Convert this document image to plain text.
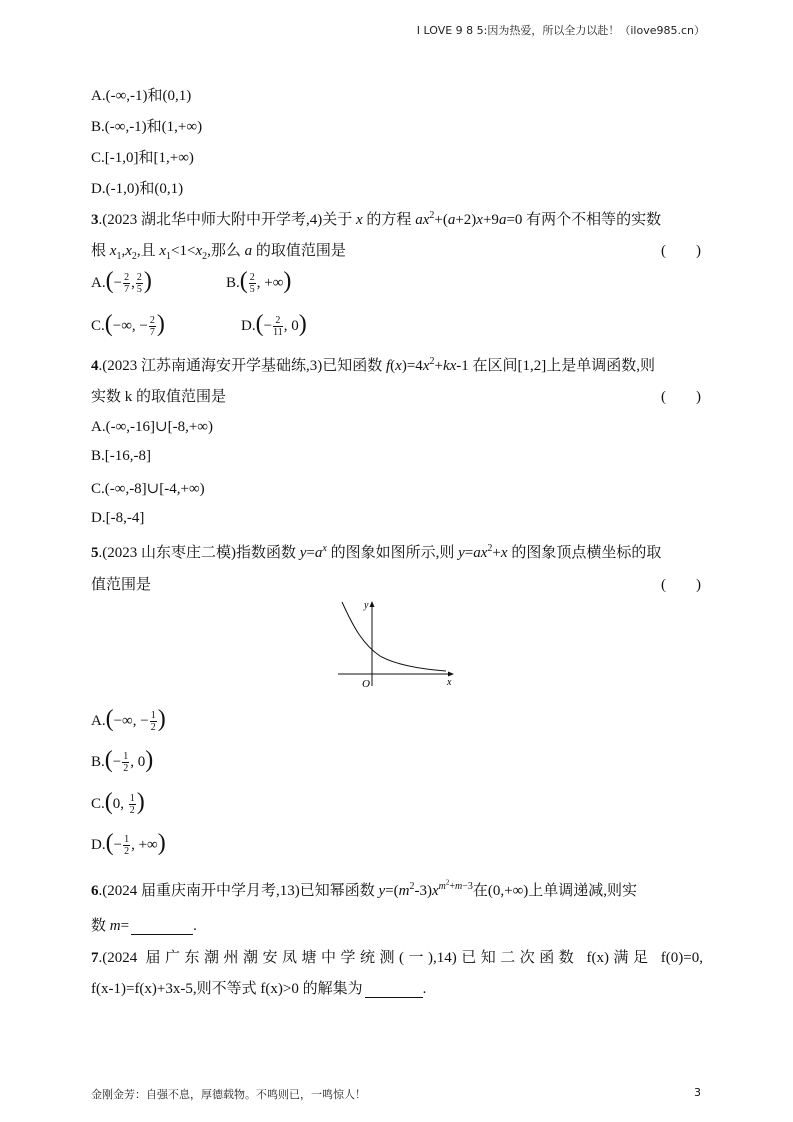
I LOVE 9 8 5:因为热爱，所以全力以赴！（ilove985.cn）
A.(-∞,-1)和(0,1)
B.(-∞,-1)和(1,+∞)
C.[-1,0]和[1,+∞)
D.(-1,0)和(0,1)
3.(2023 湖北华中师大附中开学考,4)关于 x 的方程 $ax^2+(a+2)x+9a=0$ 有两个不相等的实数
根 $x_1,x_2$,且 $x_1<1<x_2$,那么 a 的取值范围是	(　　)
$A.(- \frac{2}{7}$ , $\frac{2}{5}$ )	$B.( \frac{2}{5}$ , +∞)
C.(−∞, − $\frac{2}{7}$ )	$D.(- \frac{2}{11}$ , 0)
4.(2023 江苏南通海安开学基础练,3)已知函数 $f(x)=4x^2+kx-1$ 在区间[1,2]上是单调函数,则
实数 k 的取值范围是	(　　)
A.(-∞,-16]∪[-8,+∞)
B.[-16,-8]
C.(-∞,-8]∪[-4,+∞)
D.[-8,-4]
5.(2023 山东枣庄二模)指数函数 $y=a^x$ 的图象如图所示,则 $y=ax^2+x$ 的图象顶点横坐标的取
值范围是	(　　)
x
y
O
A.(−∞, − $\frac{1}{2}$ )
$B.(- \frac{1}{2}$ , 0)
C.(0, $\frac{1}{2}$ )
$D.(- \frac{1}{2}$ , +∞)
6.(2024 届重庆南开中学月考,13)已知幂函数 $y=(m^2-3)x^{m^2+m-3}$在(0,+∞)上单调递减,则实
数 m=	.
7.(2024 届广东潮州潮安凤塘中学统测(一),14)已知二次函数 f(x)满足 f(0)=0,
f(x-1)=f(x)+3x-5,则不等式 f(x)>0 的解集为	.
金刚金芳：自强不息，厚德载物。不鸣则已，一鸣惊人！	3
